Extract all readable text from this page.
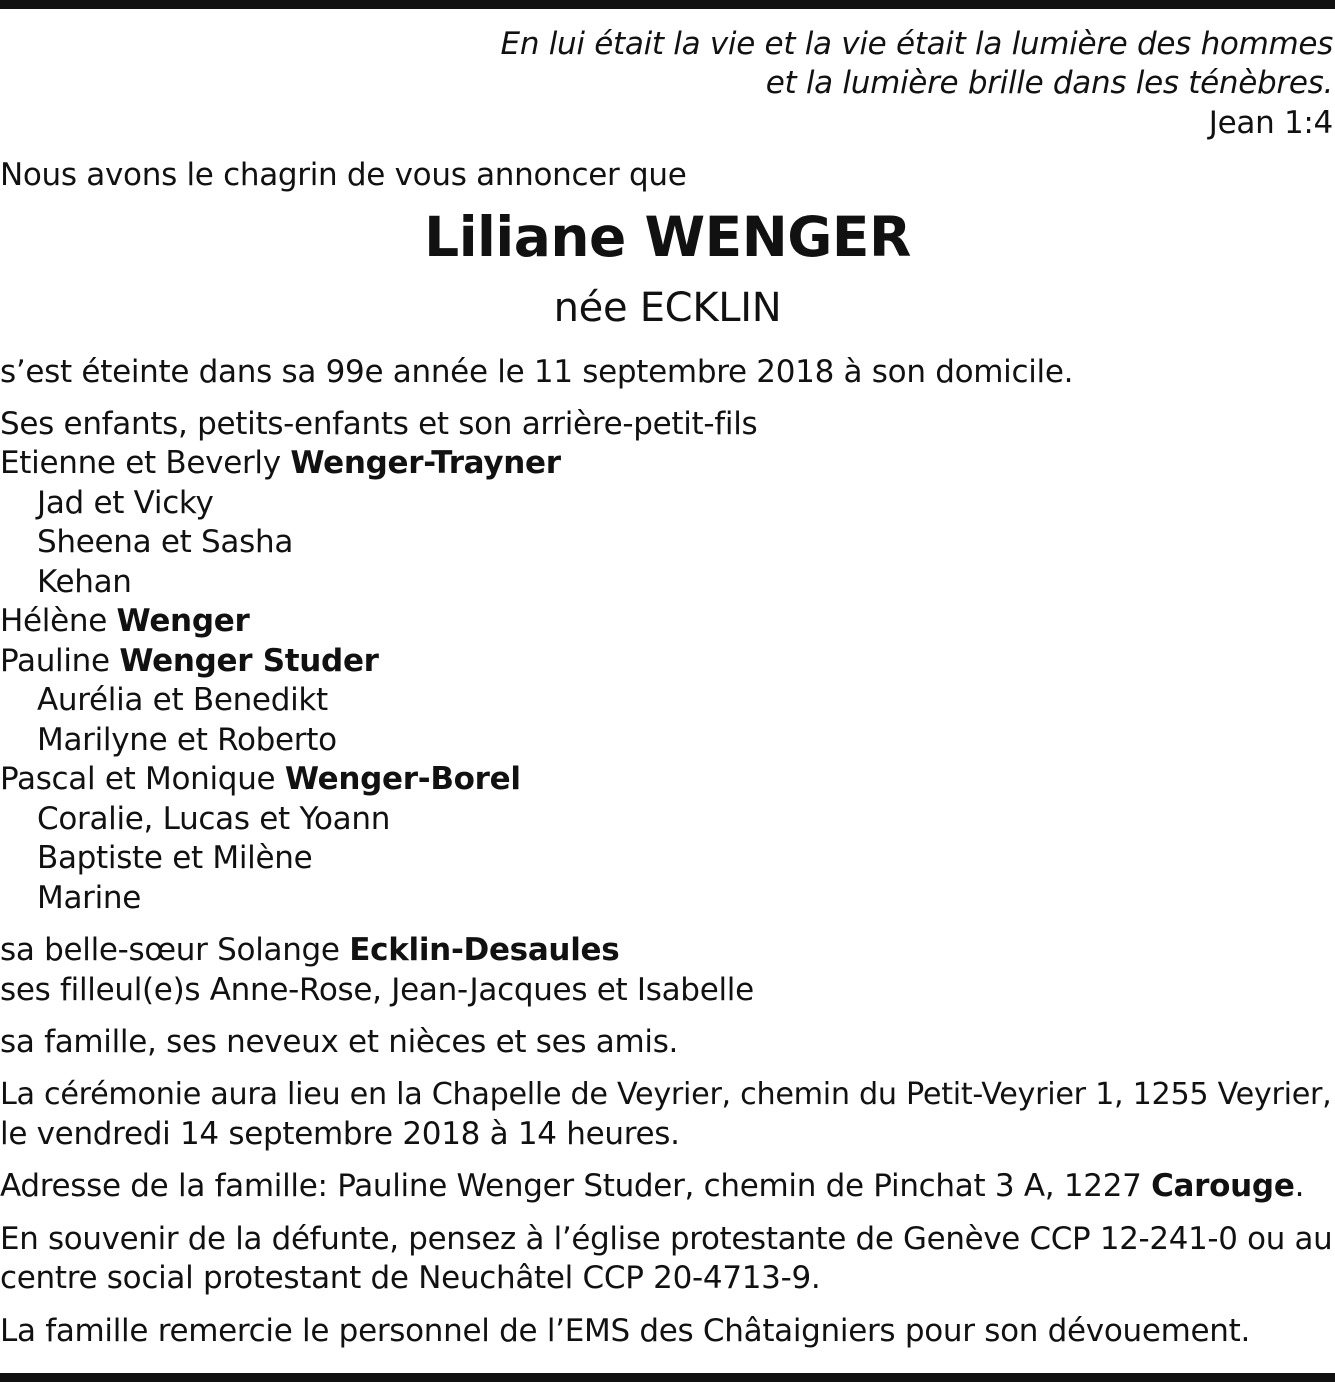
En lui était la vie et la vie était la lumière des hommes
et la lumière brille dans les ténèbres.
Jean 1:4
Nous avons le chagrin de vous annoncer que
Liliane WENGER
née ECKLIN
s’est éteinte dans sa 99e année le 11 septembre 2018 à son domicile.
Ses enfants, petits-enfants et son arrière-petit-fils
Etienne et Beverly Wenger-Trayner
Jad et Vicky
Sheena et Sasha
Kehan
Hélène Wenger
Pauline Wenger Studer
Aurélia et Benedikt
Marilyne et Roberto
Pascal et Monique Wenger-Borel
Coralie, Lucas et Yoann
Baptiste et Milène
Marine
sa belle-sœur Solange Ecklin-Desaules
ses filleul(e)s Anne-Rose, Jean-Jacques et Isabelle
sa famille, ses neveux et nièces et ses amis.
La cérémonie aura lieu en la Chapelle de Veyrier, chemin du Petit-Veyrier 1, 1255 Veyrier,
le vendredi 14 septembre 2018 à 14 heures.
Adresse de la famille: Pauline Wenger Studer, chemin de Pinchat 3 A, 1227 Carouge.
En souvenir de la défunte, pensez à l’église protestante de Genève CCP 12-241-0 ou au
centre social protestant de Neuchâtel CCP 20-4713-9.
La famille remercie le personnel de l’EMS des Châtaigniers pour son dévouement.
